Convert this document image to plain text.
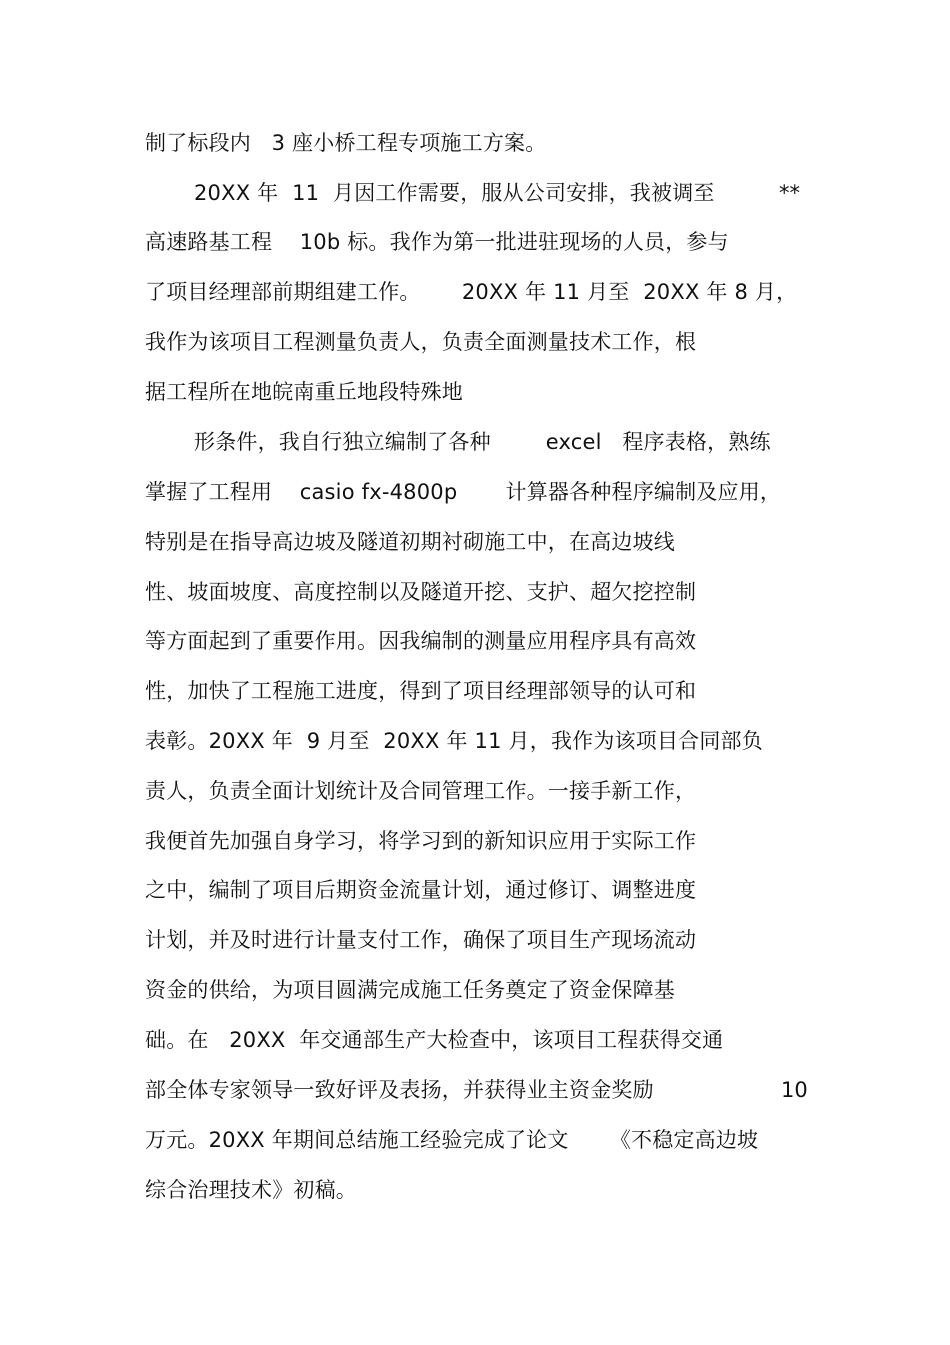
制了标段内   3 座小桥工程专项施工方案。
20XX 年  11  月因工作需要，服从公司安排，我被调至	**
高速路基工程    10b 标。我作为第一批进驻现场的人员，参与
了项目经理部前期组建工作。      20XX 年 11 月至  20XX 年 8 月，
我作为该项目工程测量负责人，负责全面测量技术工作，根
据工程所在地皖南重丘地段特殊地
形条件，我自行独立编制了各种        excel   程序表格，熟练
掌握了工程用    casio fx-4800p       计算器各种程序编制及应用，
特别是在指导高边坡及隧道初期衬砌施工中，在高边坡线
性、坡面坡度、高度控制以及隧道开挖、支护、超欠挖控制
等方面起到了重要作用。因我编制的测量应用程序具有高效
性，加快了工程施工进度，得到了项目经理部领导的认可和
表彰。20XX 年  9 月至  20XX 年 11 月，我作为该项目合同部负
责人，负责全面计划统计及合同管理工作。一接手新工作，
我便首先加强自身学习，将学习到的新知识应用于实际工作
之中，编制了项目后期资金流量计划，通过修订、调整进度
计划，并及时进行计量支付工作，确保了项目生产现场流动
资金的供给，为项目圆满完成施工任务奠定了资金保障基
础。在   20XX  年交通部生产大检查中，该项目工程获得交通
部全体专家领导一致好评及表扬，并获得业主资金奖励	10
万元。20XX 年期间总结施工经验完成了论文      《不稳定高边坡
综合治理技术》初稿。
